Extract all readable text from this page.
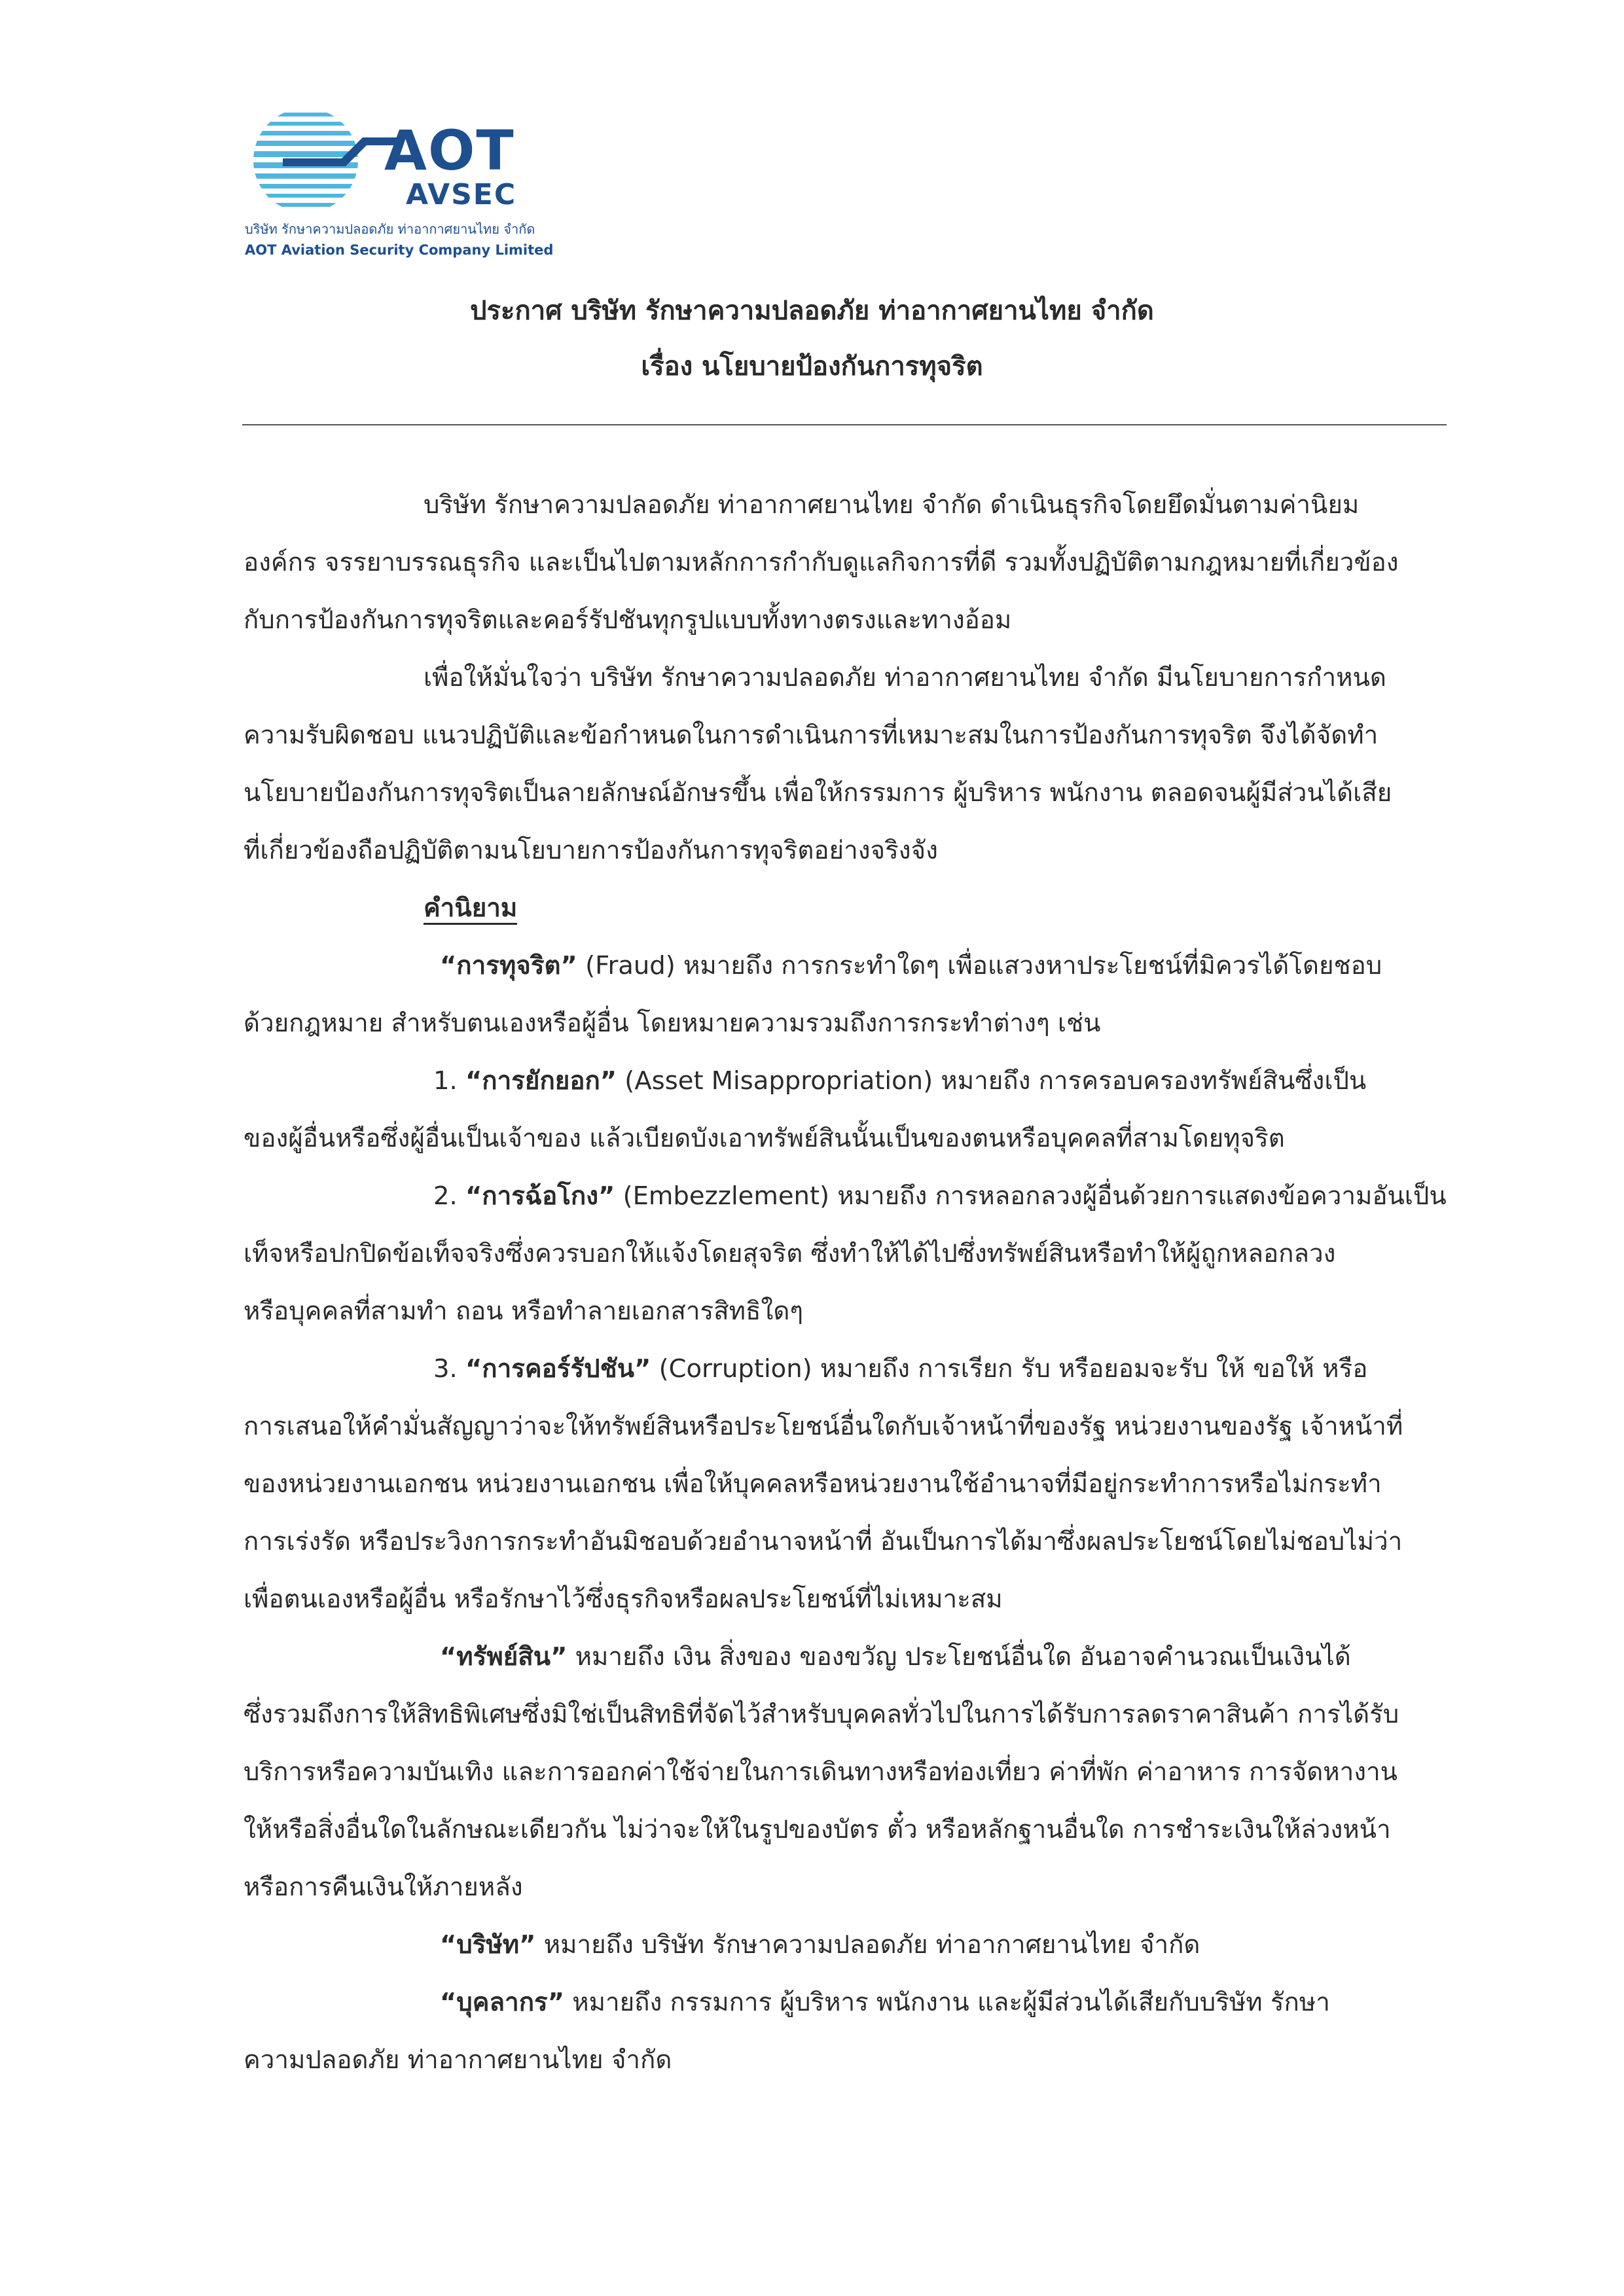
AOT
AVSEC
บริษัท รักษาความปลอดภัย ท่าอากาศยานไทย จำกัด
AOT Aviation Security Company Limited
ประกาศ บริษัท รักษาความปลอดภัย ท่าอากาศยานไทย จำกัด
เรื่อง นโยบายป้องกันการทุจริต
บริษัท รักษาความปลอดภัย ท่าอากาศยานไทย จำกัด ดำเนินธุรกิจโดยยึดมั่นตามค่านิยม
องค์กร จรรยาบรรณธุรกิจ และเป็นไปตามหลักการกำกับดูแลกิจการที่ดี รวมทั้งปฏิบัติตามกฎหมายที่เกี่ยวข้อง
กับการป้องกันการทุจริตและคอร์รัปชันทุกรูปแบบทั้งทางตรงและทางอ้อม
เพื่อให้มั่นใจว่า บริษัท รักษาความปลอดภัย ท่าอากาศยานไทย จำกัด มีนโยบายการกำหนด
ความรับผิดชอบ แนวปฏิบัติและข้อกำหนดในการดำเนินการที่เหมาะสมในการป้องกันการทุจริต จึงได้จัดทำ
นโยบายป้องกันการทุจริตเป็นลายลักษณ์อักษรขึ้น เพื่อให้กรรมการ ผู้บริหาร พนักงาน ตลอดจนผู้มีส่วนได้เสีย
ที่เกี่ยวข้องถือปฏิบัติตามนโยบายการป้องกันการทุจริตอย่างจริงจัง
คำนิยาม
“การทุจริต” (Fraud) หมายถึง การกระทำใดๆ เพื่อแสวงหาประโยชน์ที่มิควรได้โดยชอบ
ด้วยกฎหมาย สำหรับตนเองหรือผู้อื่น โดยหมายความรวมถึงการกระทำต่างๆ เช่น
1. “การยักยอก” (Asset Misappropriation) หมายถึง การครอบครองทรัพย์สินซึ่งเป็น
ของผู้อื่นหรือซึ่งผู้อื่นเป็นเจ้าของ แล้วเบียดบังเอาทรัพย์สินนั้นเป็นของตนหรือบุคคลที่สามโดยทุจริต
2. “การฉ้อโกง” (Embezzlement) หมายถึง การหลอกลวงผู้อื่นด้วยการแสดงข้อความอันเป็น
เท็จหรือปกปิดข้อเท็จจริงซึ่งควรบอกให้แจ้งโดยสุจริต ซึ่งทำให้ได้ไปซึ่งทรัพย์สินหรือทำให้ผู้ถูกหลอกลวง
หรือบุคคลที่สามทำ ถอน หรือทำลายเอกสารสิทธิใดๆ
3. “การคอร์รัปชัน” (Corruption) หมายถึง การเรียก รับ หรือยอมจะรับ ให้ ขอให้ หรือ
การเสนอให้คำมั่นสัญญาว่าจะให้ทรัพย์สินหรือประโยชน์อื่นใดกับเจ้าหน้าที่ของรัฐ หน่วยงานของรัฐ เจ้าหน้าที่
ของหน่วยงานเอกชน หน่วยงานเอกชน เพื่อให้บุคคลหรือหน่วยงานใช้อำนาจที่มีอยู่กระทำการหรือไม่กระทำ
การเร่งรัด หรือประวิงการกระทำอันมิชอบด้วยอำนาจหน้าที่ อันเป็นการได้มาซึ่งผลประโยชน์โดยไม่ชอบไม่ว่า
เพื่อตนเองหรือผู้อื่น หรือรักษาไว้ซึ่งธุรกิจหรือผลประโยชน์ที่ไม่เหมาะสม
“ทรัพย์สิน” หมายถึง เงิน สิ่งของ ของขวัญ ประโยชน์อื่นใด อันอาจคำนวณเป็นเงินได้
ซึ่งรวมถึงการให้สิทธิพิเศษซึ่งมิใช่เป็นสิทธิที่จัดไว้สำหรับบุคคลทั่วไปในการได้รับการลดราคาสินค้า การได้รับ
บริการหรือความบันเทิง และการออกค่าใช้จ่ายในการเดินทางหรือท่องเที่ยว ค่าที่พัก ค่าอาหาร การจัดหางาน
ให้หรือสิ่งอื่นใดในลักษณะเดียวกัน ไม่ว่าจะให้ในรูปของบัตร ตั๋ว หรือหลักฐานอื่นใด การชำระเงินให้ล่วงหน้า
หรือการคืนเงินให้ภายหลัง
“บริษัท” หมายถึง บริษัท รักษาความปลอดภัย ท่าอากาศยานไทย จำกัด
“บุคลากร” หมายถึง กรรมการ ผู้บริหาร พนักงาน และผู้มีส่วนได้เสียกับบริษัท รักษา
ความปลอดภัย ท่าอากาศยานไทย จำกัด
